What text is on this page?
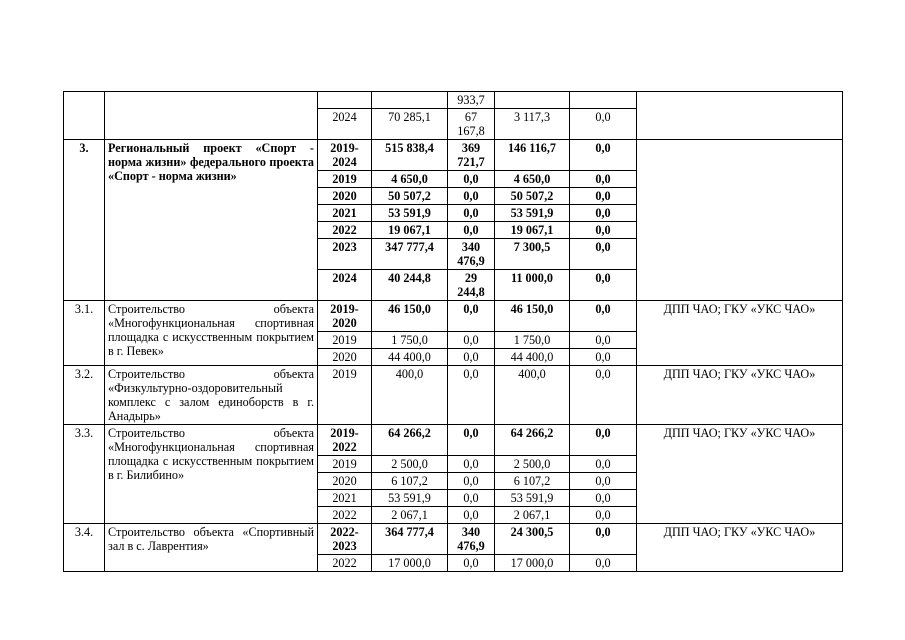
				933,7			
		2024	70 285,1	67 167,8	3 117,3	0,0	
3.	Региональный проект «Спорт - норма жизни» федерального проекта «Спорт - норма жизни»	2019-2024	515 838,4	369 721,7	146 116,7	0,0	
		2019	4 650,0	0,0	4 650,0	0,0	
		2020	50 507,2	0,0	50 507,2	0,0	
		2021	53 591,9	0,0	53 591,9	0,0	
		2022	19 067,1	0,0	19 067,1	0,0	
		2023	347 777,4	340 476,9	7 300,5	0,0	
		2024	40 244,8	29 244,8	11 000,0	0,0	
3.1.	Строительство объекта «Многофункциональная спортивная площадка с искусственным покрытием в г. Певек»	2019-2020	46 150,0	0,0	46 150,0	0,0	ДПП ЧАО; ГКУ «УКС ЧАО»
		2019	1 750,0	0,0	1 750,0	0,0	
		2020	44 400,0	0,0	44 400,0	0,0	
3.2.	Строительство объекта «Физкультурно-оздоровительный комплекс с залом единоборств в г. Анадырь»	2019	400,0	0,0	400,0	0,0	ДПП ЧАО; ГКУ «УКС ЧАО»
3.3.	Строительство объекта «Многофункциональная спортивная площадка с искусственным покрытием в г. Билибино»	2019-2022	64 266,2	0,0	64 266,2	0,0	ДПП ЧАО; ГКУ «УКС ЧАО»
		2019	2 500,0	0,0	2 500,0	0,0	
		2020	6 107,2	0,0	6 107,2	0,0	
		2021	53 591,9	0,0	53 591,9	0,0	
		2022	2 067,1	0,0	2 067,1	0,0	
3.4.	Строительство объекта «Спортивный зал в с. Лаврентия»	2022-2023	364 777,4	340 476,9	24 300,5	0,0	ДПП ЧАО; ГКУ «УКС ЧАО»
		2022	17 000,0	0,0	17 000,0	0,0	
